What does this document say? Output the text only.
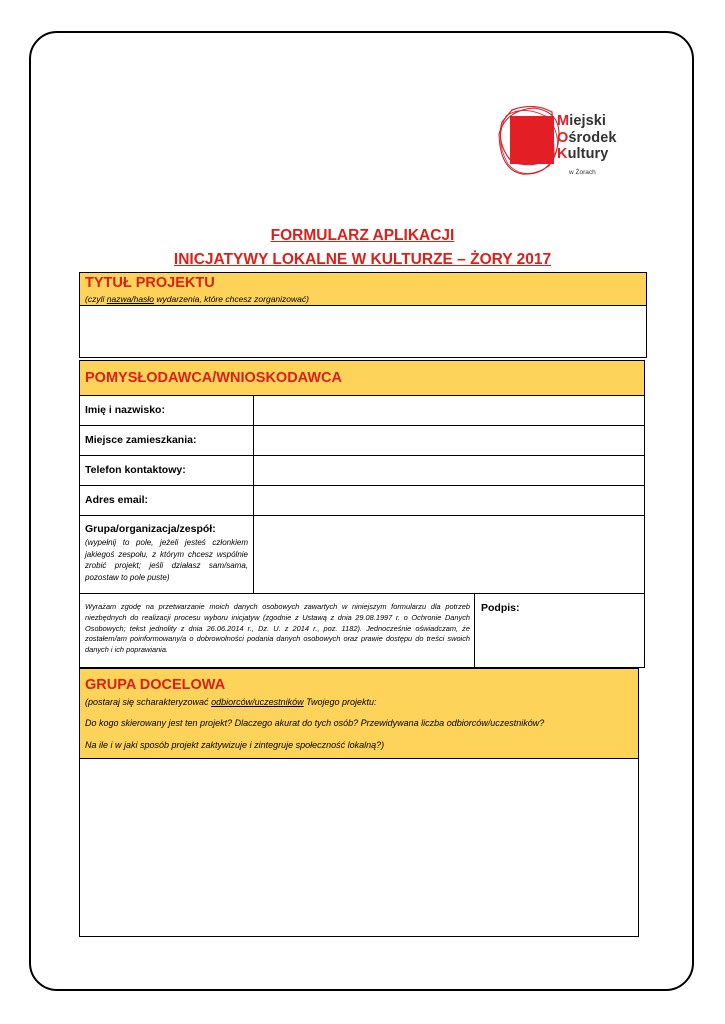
Miejski
Ośrodek
Kultury
w Żorach
FORMULARZ APLIKACJI
INICJATYWY LOKALNE W KULTURZE – ŻORY 2017
TYTUŁ PROJEKTU
(czyli nazwa/hasło wydarzenia, które chcesz zorganizować)
POMYSŁODAWCA/WNIOSKODAWCA
Imię i nazwisko:
Miejsce zamieszkania:
Telefon kontaktowy:
Adres email:
Grupa/organizacja/zespół:
(wypełnij to pole, jeżeli jesteś członkiem jakiegoś zespołu, z którym chcesz wspólnie zrobić projekt; jeśli działasz sam/sama, pozostaw to pole puste)
Wyrażam zgodę na przetwarzanie moich danych osobowych zawartych w niniejszym formularzu dla potrzeb niezbędnych do realizacji procesu wyboru inicjatyw (zgodnie z Ustawą z dnia 29.08.1997 r. o Ochronie Danych Osobowych; tekst jednolity z dnia 26.06.2014 r., Dz. U. z 2014 r., poz. 1182). Jednocześnie oświadczam, że zostałem/am poinformowany/a o dobrowolności podania danych osobowych oraz prawie dostępu do treści swoich danych i ich poprawiania.
Podpis:
GRUPA DOCELOWA
(postaraj się scharakteryzować odbiorców/uczestników Twojego projektu:
Do kogo skierowany jest ten projekt? Dlaczego akurat do tych osób? Przewidywana liczba odbiorców/uczestników?
Na ile i w jaki sposób projekt zaktywizuje i zintegruje społeczność lokalną?)
